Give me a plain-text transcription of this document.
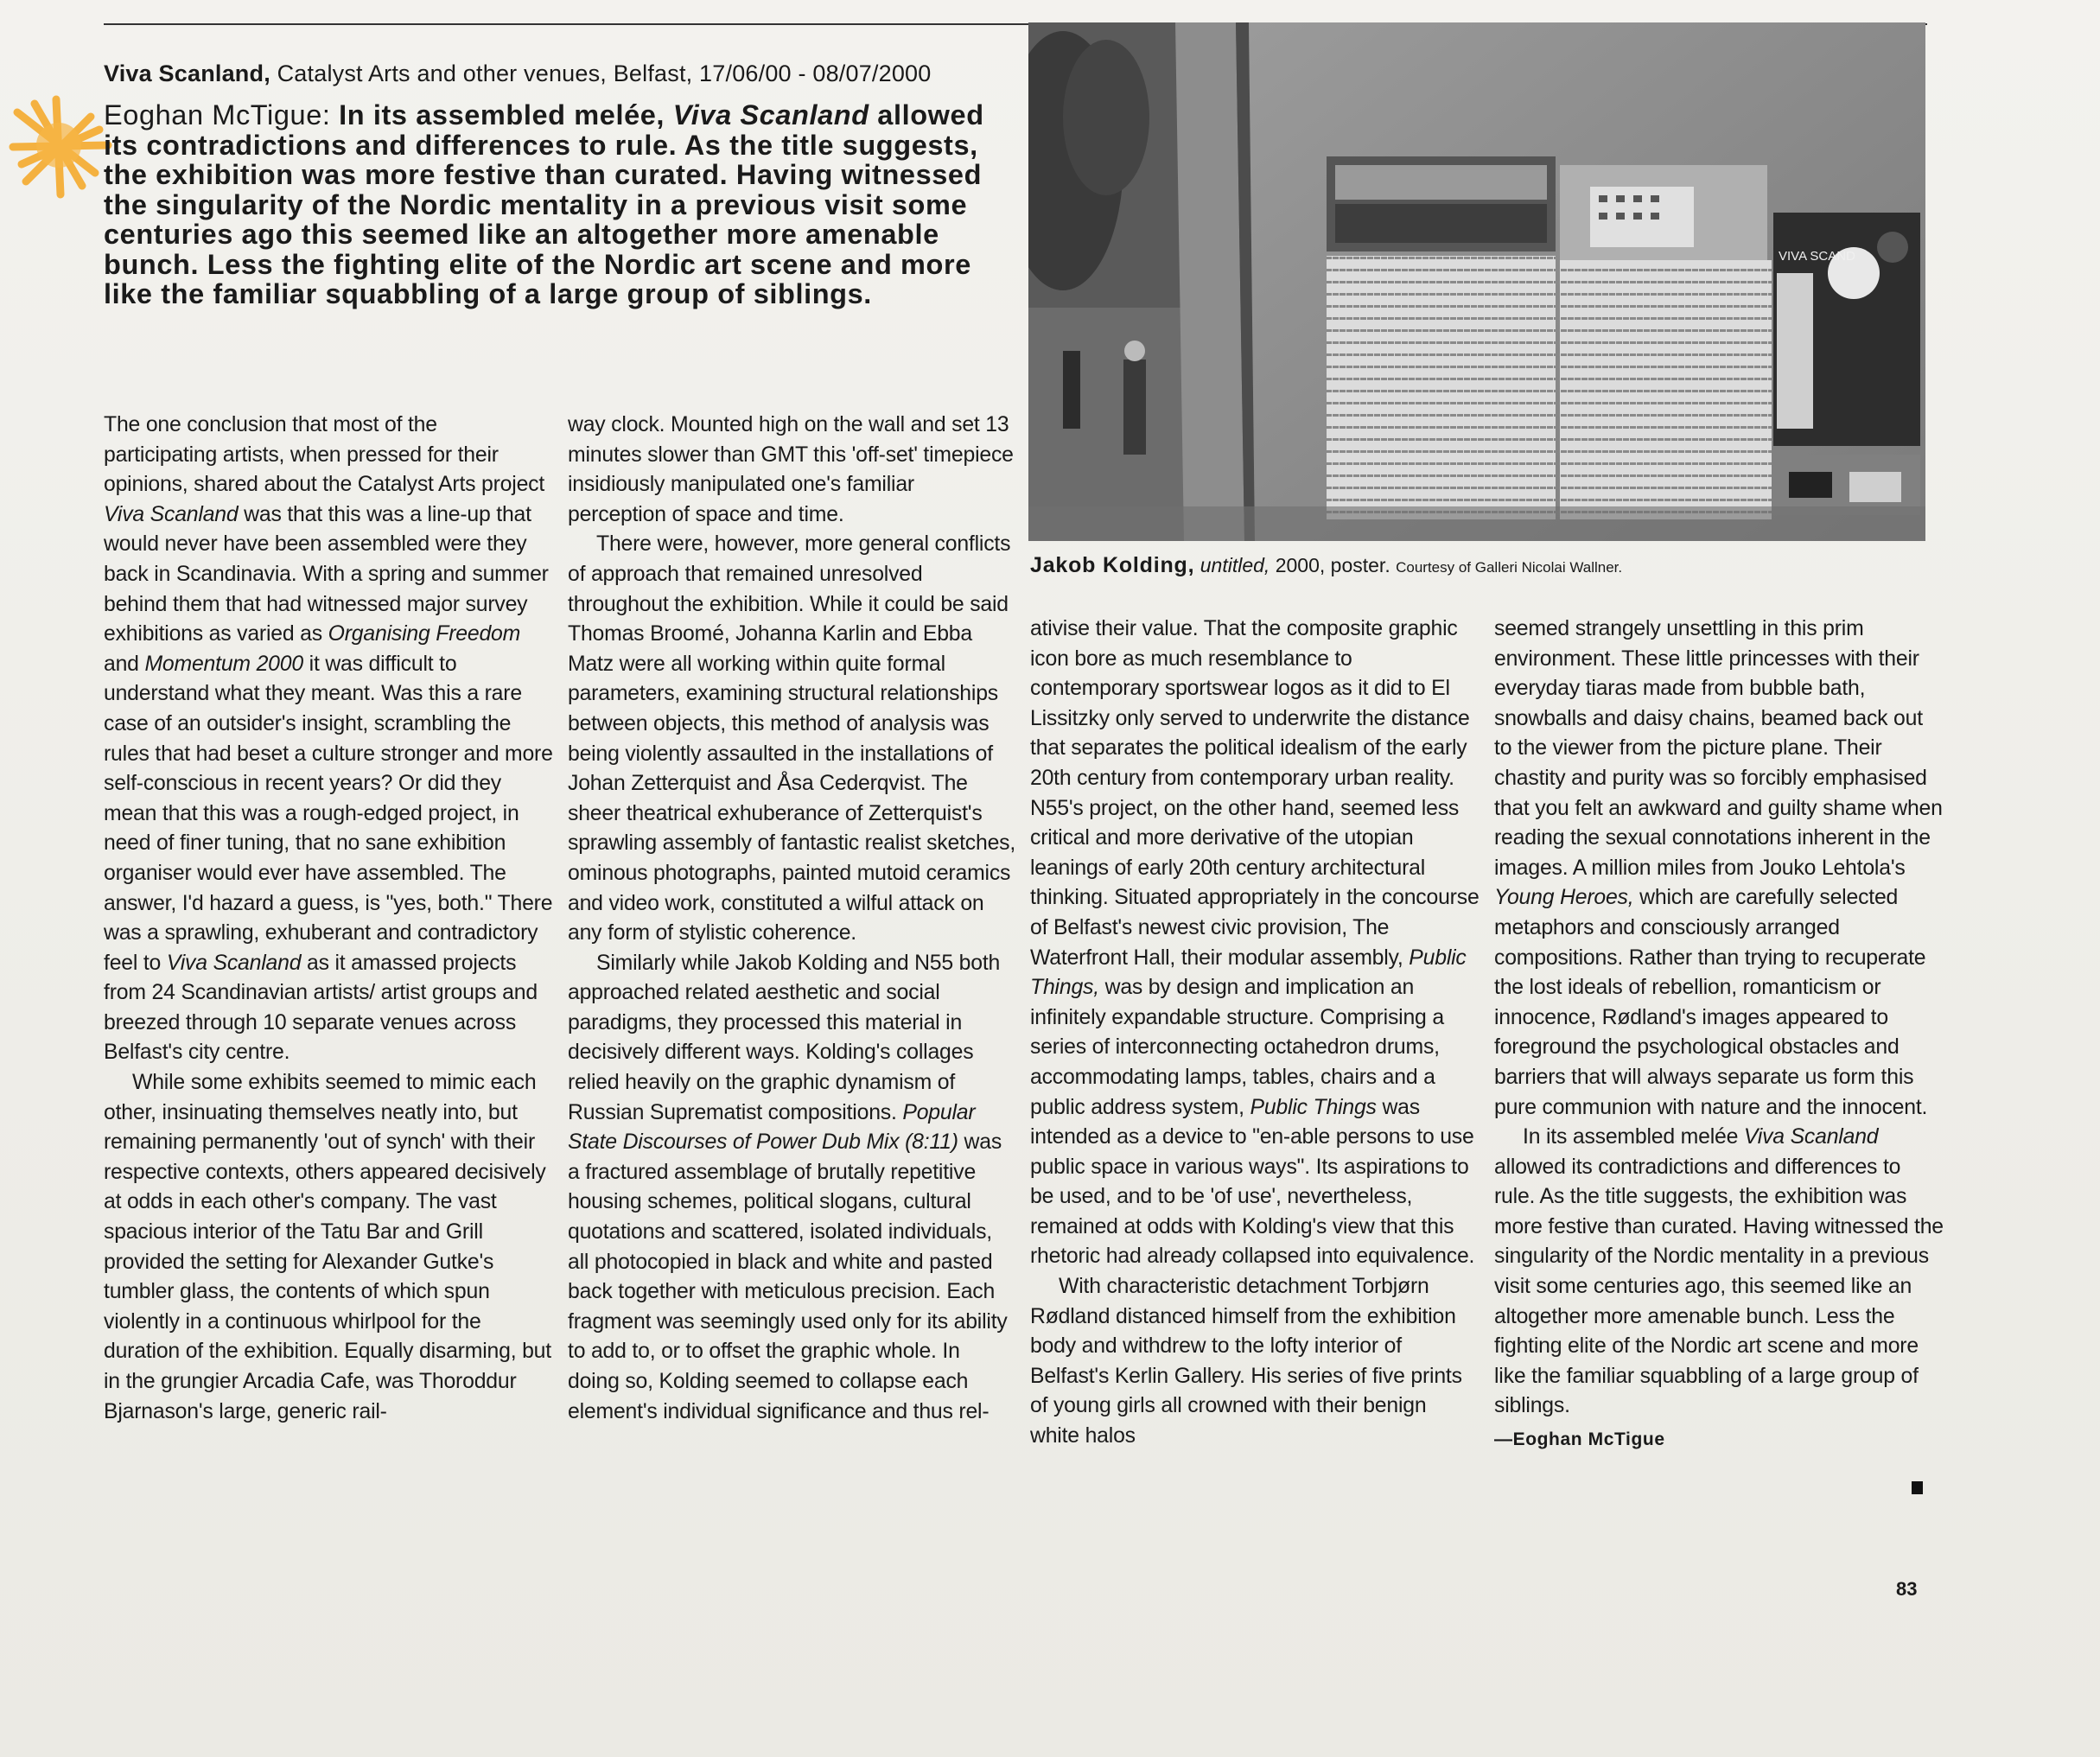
Viva Scanland, Catalyst Arts and other venues, Belfast, 17/06/00 - 08/07/2000
Eoghan McTigue: In its assembled melée, Viva Scanland allowed its contradictions and differences to rule. As the title suggests, the exhibition was more festive than curated. Having witnessed the singularity of the Nordic mentality in a previous visit some centuries ago this seemed like an altogether more amenable bunch. Less the fighting elite of the Nordic art scene and more like the familiar squabbling of a large group of siblings.
VIVA SCAND
Jakob Kolding, untitled, 2000, poster. Courtesy of Galleri Nicolai Wallner.

The one conclusion that most of the participating artists, when pressed for their opinions, shared about the Catalyst Arts project Viva Scanland was that this was a line-up that would never have been assembled were they back in Scandinavia. With a spring and summer behind them that had witnessed major survey exhibitions as varied as Organising Freedom and Momentum 2000 it was difficult to understand what they meant. Was this a rare case of an outsider's insight, scrambling the rules that had beset a culture stronger and more self-conscious in recent years? Or did they mean that this was a rough-edged project, in need of finer tuning, that no sane exhibition organiser would ever have assembled. The answer, I'd hazard a guess, is "yes, both." There was a sprawling, exhuberant and contradictory feel to Viva Scanland as it amassed projects from 24 Scandinavian artists/ artist groups and breezed through 10 separate venues across Belfast's city centre.

While some exhibits seemed to mimic each other, insinuating themselves neatly into, but remaining permanently 'out of synch' with their respective contexts, others appeared decisively at odds in each other's company. The vast spacious interior of the Tatu Bar and Grill provided the setting for Alexander Gutke's tumbler glass, the contents of which spun violently in a continuous whirlpool for the duration of the exhibition. Equally disarming, but in the grungier Arcadia Cafe, was Thoroddur Bjarnason's large, generic rail-

way clock. Mounted high on the wall and set 13 minutes slower than GMT this 'off-set' timepiece insidiously manipulated one's familiar perception of space and time.

There were, however, more general conflicts of approach that remained unresolved throughout the exhibition. While it could be said Thomas Broomé, Johanna Karlin and Ebba Matz were all working within quite formal parameters, examining structural relationships between objects, this method of analysis was being violently assaulted in the installations of Johan Zetterquist and Åsa Cederqvist. The sheer theatrical exhuberance of Zetterquist's sprawling assembly of fantastic realist sketches, ominous photographs, painted mutoid ceramics and video work, constituted a wilful attack on any form of stylistic coherence.

Similarly while Jakob Kolding and N55 both approached related aesthetic and social paradigms, they processed this material in decisively different ways. Kolding's collages relied heavily on the graphic dynamism of Russian Suprematist compositions. Popular State Discourses of Power Dub Mix (8:11) was a fractured assemblage of brutally repetitive housing schemes, political slogans, cultural quotations and scattered, isolated individuals, all photocopied in black and white and pasted back together with meticulous precision. Each fragment was seemingly used only for its ability to add to, or to offset the graphic whole. In doing so, Kolding seemed to collapse each element's individual significance and thus rel-

ativise their value. That the composite graphic icon bore as much resemblance to contemporary sportswear logos as it did to El Lissitzky only served to underwrite the distance that separates the political idealism of the early 20th century from contemporary urban reality. N55's project, on the other hand, seemed less critical and more derivative of the utopian leanings of early 20th century architectural thinking. Situated appropriately in the concourse of Belfast's newest civic provision, The Waterfront Hall, their modular assembly, Public Things, was by design and implication an infinitely expandable structure. Comprising a series of interconnecting octahedron drums, accommodating lamps, tables, chairs and a public address system, Public Things was intended as a device to "en-able persons to use public space in various ways". Its aspirations to be used, and to be 'of use', nevertheless, remained at odds with Kolding's view that this rhetoric had already collapsed into equivalence.

With characteristic detachment Torbjørn Rødland distanced himself from the exhibition body and withdrew to the lofty interior of Belfast's Kerlin Gallery. His series of five prints of young girls all crowned with their benign white halos

seemed strangely unsettling in this prim environment. These little princesses with their everyday tiaras made from bubble bath, snowballs and daisy chains, beamed back out to the viewer from the picture plane. Their chastity and purity was so forcibly emphasised that you felt an awkward and guilty shame when reading the sexual connotations inherent in the images. A million miles from Jouko Lehtola's Young Heroes, which are carefully selected metaphors and consciously arranged compositions. Rather than trying to recuperate the lost ideals of rebellion, romanticism or innocence, Rødland's images appeared to foreground the psychological obstacles and barriers that will always separate us form this pure communion with nature and the innocent.

In its assembled melée Viva Scanland allowed its contradictions and differences to rule. As the title suggests, the exhibition was more festive than curated. Having witnessed the singularity of the Nordic mentality in a previous visit some centuries ago, this seemed like an altogether more amenable bunch. Less the fighting elite of the Nordic art scene and more like the familiar squabbling of a large group of siblings.

—Eoghan McTigue
83
